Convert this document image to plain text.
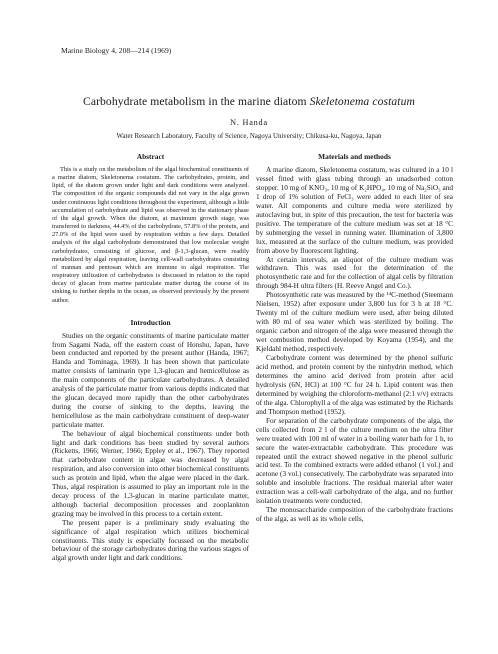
Marine Biology 4, 208—214 (1969)
Carbohydrate metabolism in the marine diatom Skeletonema costatum
N. Handa
Water Research Laboratory, Faculty of Science, Nagoya University; Chikusa-ku, Nagoya, Japan
Abstract

This is a study on the metabolism of the algal biochemical constituents of a marine diatom, Skeletonema costatum. The carbohydrates, protein, and lipid, of the diatom grown under light and dark conditions were analyzed. The composition of the organic compounds did not vary in the alga grown under continuous light conditions throughout the experiment, although a little accumulation of carbohydrate and lipid was observed in the stationary phase of the algal growth. When the diatom, at maximum growth stage, was transferred to darkness, 44.4% of the carbohydrate, 57.8% of the protein, and 27.0% of the lipid were used by respiration within a few days. Detailed analysis of the algal carbohydrate demonstrated that low molecular weight carbohydrates, consisting of glucose, and β-1,3-glucan, were readily metabolized by algal respiration, leaving cell-wall carbohydrates consisting of mannan and pentosan which are immune to algal respiration. The respiratory utilization of carbohydrates is discussed in relation to the rapid decay of glucan from marine particulate matter during the course of its sinking to further depths in the ocean, as observed previously by the present author.

Introduction

Studies on the organic constituents of marine particulate matter from Sagami Nada, off the eastern coast of Honshu, Japan, have been conducted and reported by the present author (Handa, 1967; Handa and Tominaga, 1969). It has been shown that particulate matter consists of laminarin type 1,3-glucan and hemicellulose as the main components of the particulate carbohydrates. A detailed analysis of the particulate matter from various depths indicated that the glucan decayed more rapidly than the other carbohydrates during the course of sinking to the depths, leaving the hemicellulose as the main carbohydrate constituent of deep-water particulate matter.

The behaviour of algal biochemical constituents under both light and dark conditions has been studied by several authors (Ricketts, 1966; Werner, 1966; Eppley et al., 1967). They reported that carbohydrate content in algae was decreased by algal respiration, and also conversion into other biochemical constituents such as protein and lipid, when the algae were placed in the dark. Thus, algal respiration is assumed to play an important role in the decay process of the 1,3-glucan in marine particulate matter, although bacterial decomposition processes and zooplankton grazing may be involved in this process to a certain extent.

The present paper is a preliminary study evaluating the significance of algal respiration which utilizes biochemical constituents. This study is especially focussed on the metabolic behaviour of the storage carbohydrates during the various stages of algal growth under light and dark conditions.

Materials and methods

A marine diatom, Skeletonema costatum, was cultured in a 10 l vessel fitted with glass tubing through an unadsorbed cotton stopper. 10 mg of KNO₃, 10 mg of K₂HPO₄, 10 mg of Na₂SiO₃ and 1 drop of 1% solution of FeCl₃ were added to each liter of sea water. All components and culture media were sterilized by autoclaving but, in spite of this precaution, the test for bacteria was positive. The temperature of the culture medium was set at 18 °C by submerging the vessel in running water. Illumination of 3,800 lux, measured at the surface of the culture medium, was provided from above by fluorescent lighting.

At certain intervals, an aliquot of the culture medium was withdrawn. This was used for the determination of the photosynthetic rate and for the collection of algal cells by filtration through 984-H ultra filters (H. Reeve Angel and Co.).

Photosynthetic rate was measured by the ¹⁴C-method (Steemann Nielsen, 1952) after exposure under 3,800 lux for 3 h at 18 °C. Twenty ml of the culture medium were used, after being diluted with 80 ml of sea water which was sterilized by boiling. The organic carbon and nitrogen of the alga were measured through the wet combustion method developed by Koyama (1954), and the Kjeldahl method, respectively.

Carbohydrate content was determined by the phenol sulfuric acid method, and protein content by the ninhydrin method, which determines the amino acid derived from protein after acid hydrolysis (6N, HCl) at 100 °C for 24 h. Lipid content was then determined by weighing the chloroform-methanol (2:1 v/v) extracts of the alga. Chlorophyll a of the alga was estimated by the Richards and Thompson method (1952).

For separation of the carbohydrate components of the alga, the cells collected from 2 l of the culture medium on the ultra filter were treated with 100 ml of water in a boiling water bath for 1 h, to secure the water-extractable carbohydrate. This procedure was repeated until the extract showed negative in the phenol sulfuric acid test. To the combined extracts were added ethanol (1 vol.) and acetone (3 vol.) consecutively. The carbohydrate was separated into soluble and insoluble fractions. The residual material after water extraction was a cell-wall carbohydrate of the alga, and no further isolation treatments were conducted.

The monosaccharide composition of the carbohydrate fractions of the alga, as well as its whole cells,
